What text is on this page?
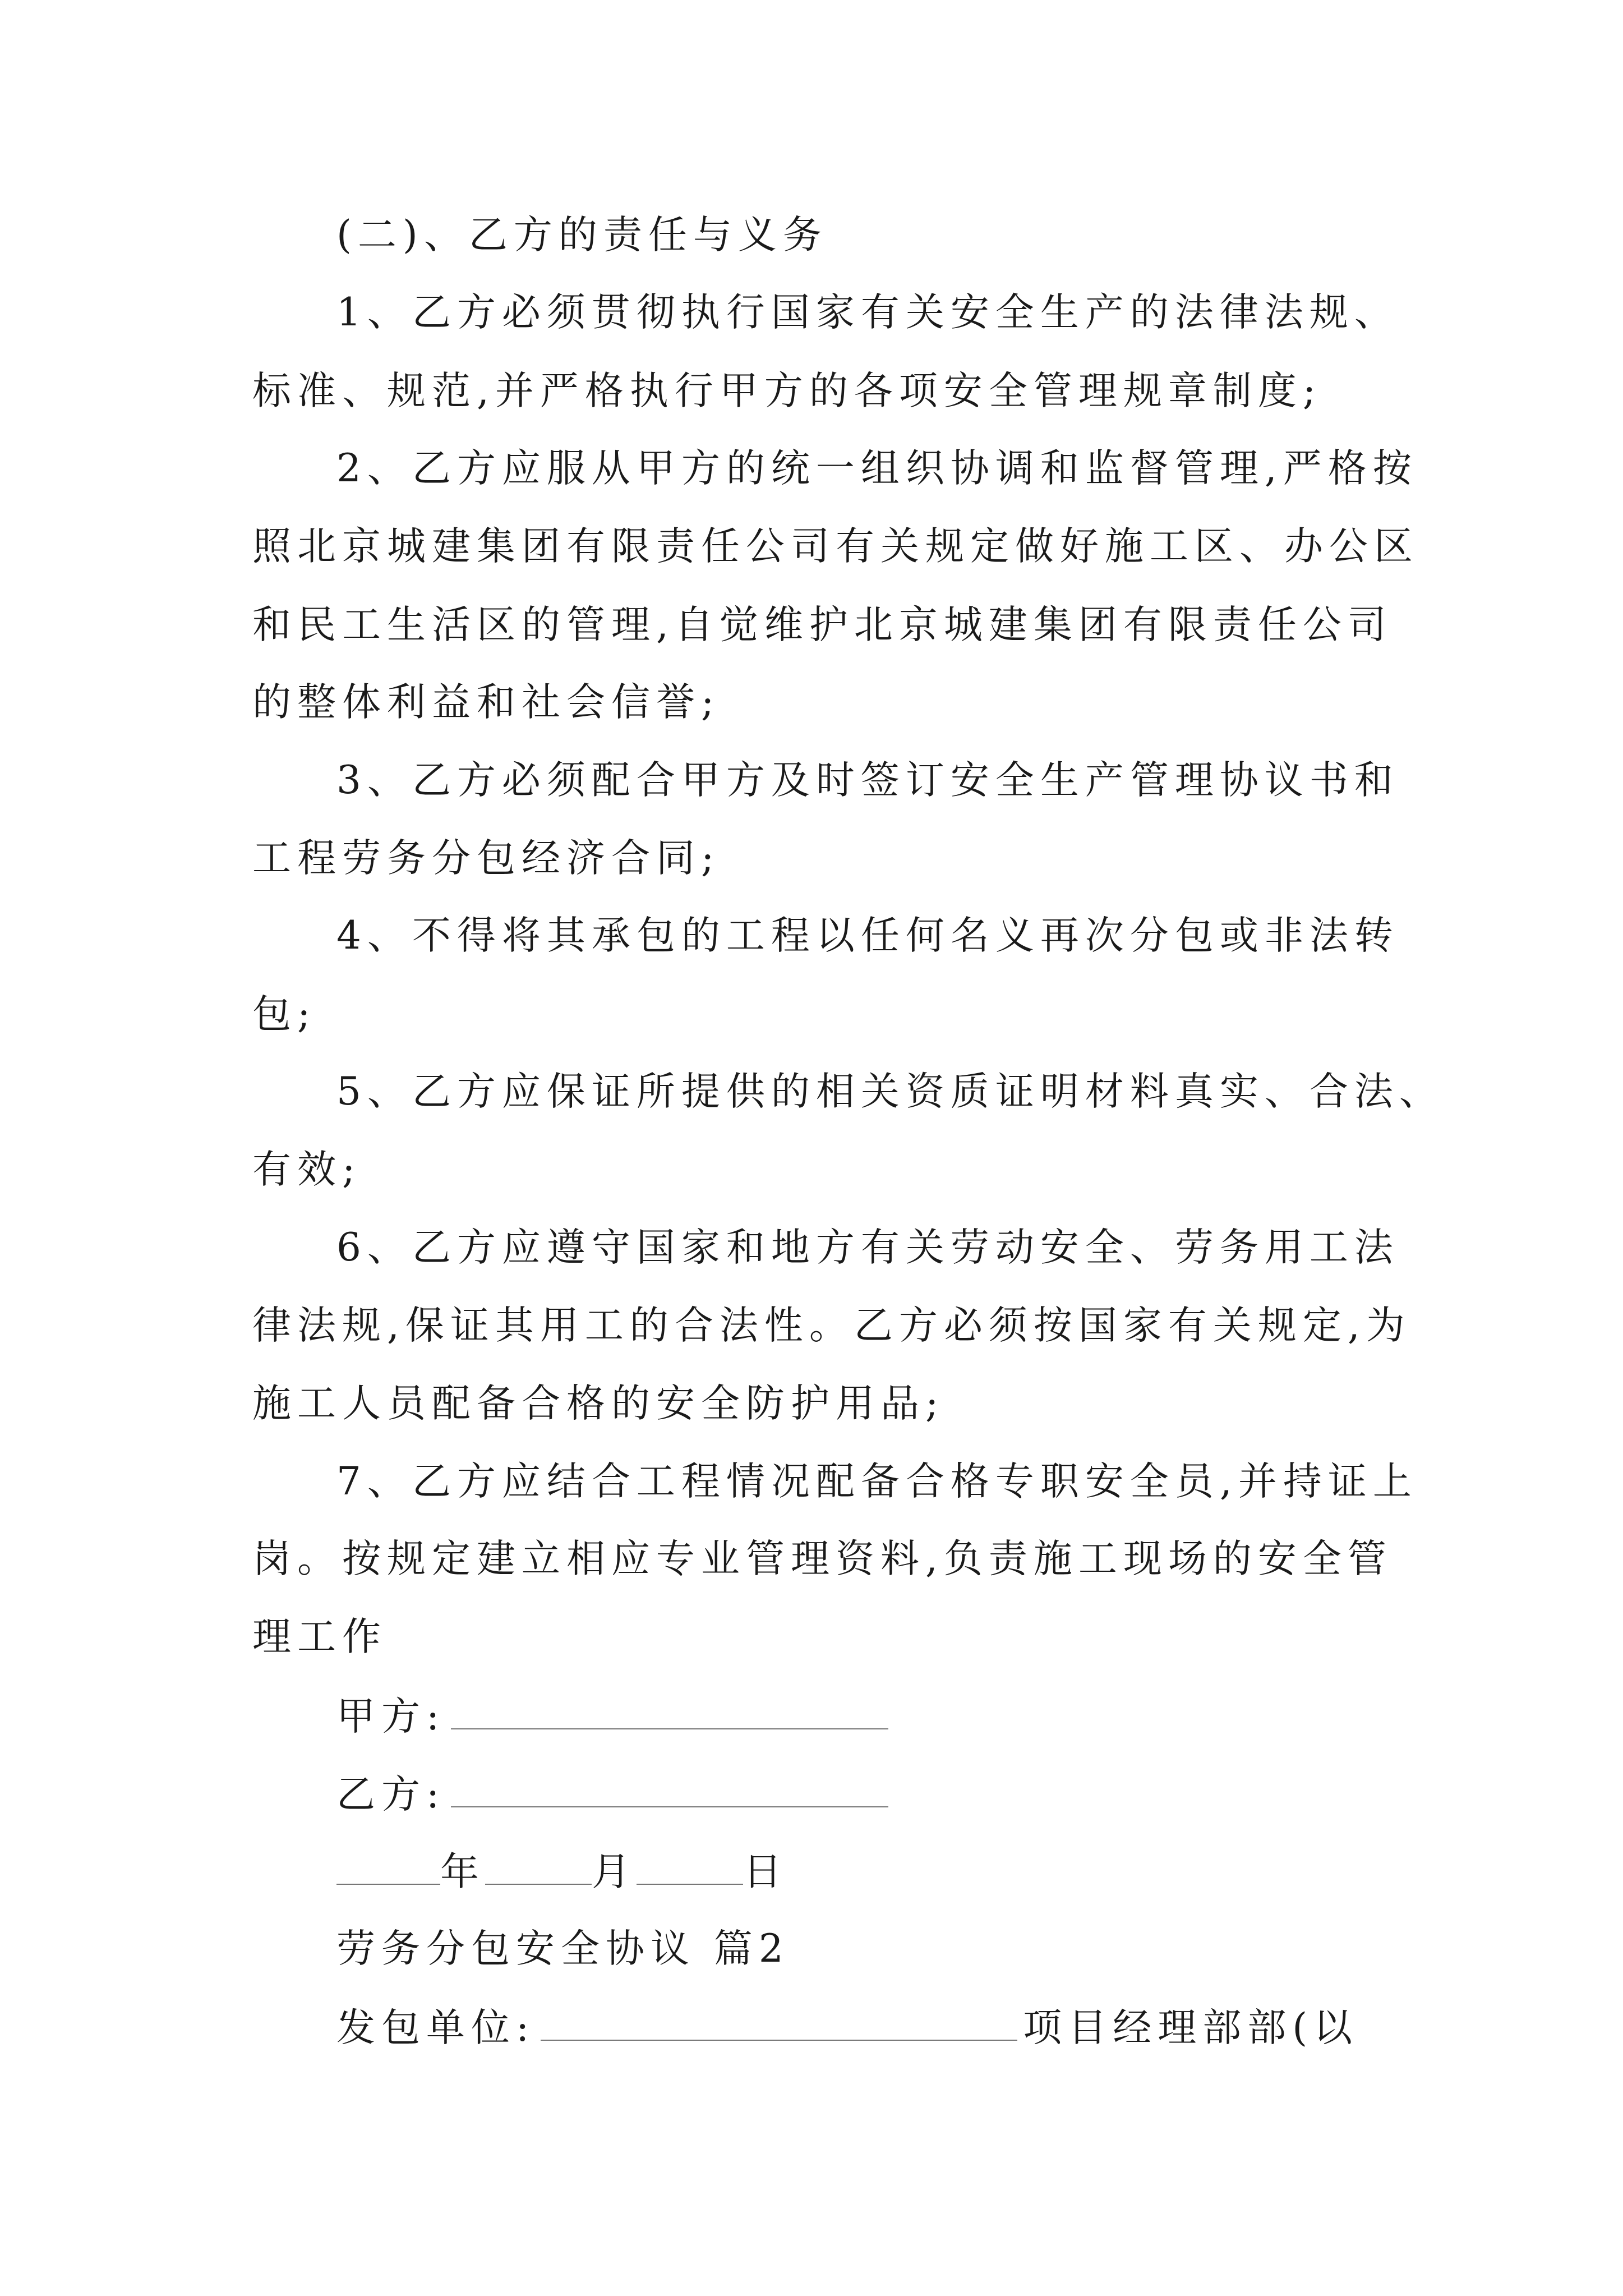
(二)、乙方的责任与义务
1、乙方必须贯彻执行国家有关安全生产的法律法规、
标准、规范,并严格执行甲方的各项安全管理规章制度;
2、乙方应服从甲方的统一组织协调和监督管理,严格按
照北京城建集团有限责任公司有关规定做好施工区、办公区
和民工生活区的管理,自觉维护北京城建集团有限责任公司
的整体利益和社会信誉;
3、乙方必须配合甲方及时签订安全生产管理协议书和
工程劳务分包经济合同;
4、不得将其承包的工程以任何名义再次分包或非法转
包;
5、乙方应保证所提供的相关资质证明材料真实、合法、
有效;
6、乙方应遵守国家和地方有关劳动安全、劳务用工法
律法规,保证其用工的合法性。乙方必须按国家有关规定,为
施工人员配备合格的安全防护用品;
7、乙方应结合工程情况配备合格专职安全员,并持证上
岗。按规定建立相应专业管理资料,负责施工现场的安全管
理工作
甲方:
乙方:
年	月	日
劳务分包安全协议 篇2
发包单位:	项目经理部部(以
